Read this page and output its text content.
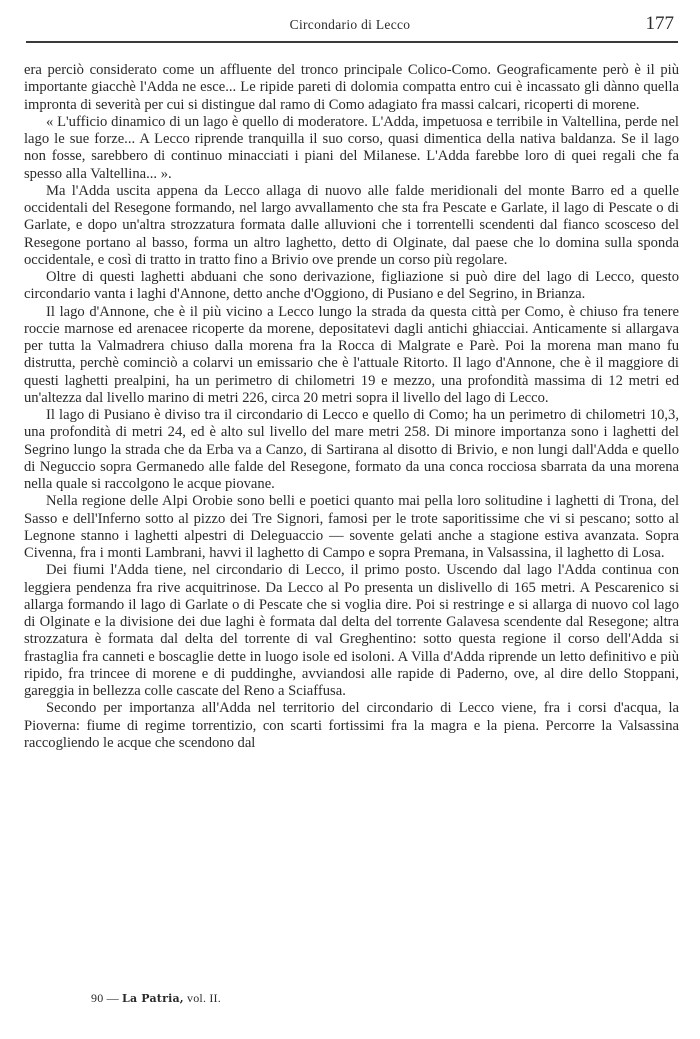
Circondario di Lecco	177

era perciò considerato come un affluente del tronco principale Colico-Como. Geograficamente però è il più importante giacchè l'Adda ne esce... Le ripide pareti di dolomia compatta entro cui è incassato gli dànno quella impronta di severità per cui si distingue dal ramo di Como adagiato fra massi calcari, ricoperti di morene.

« L'ufficio dinamico di un lago è quello di moderatore. L'Adda, impetuosa e terribile in Valtellina, perde nel lago le sue forze... A Lecco riprende tranquilla il suo corso, quasi dimentica della nativa baldanza. Se il lago non fosse, sarebbero di continuo minacciati i piani del Milanese. L'Adda farebbe loro di quei regali che fa spesso alla Valtellina... ».

Ma l'Adda uscita appena da Lecco allaga di nuovo alle falde meridionali del monte Barro ed a quelle occidentali del Resegone formando, nel largo avvallamento che sta fra Pescate e Garlate, il lago di Pescate o di Garlate, e dopo un'altra strozzatura formata dalle alluvioni che i torrentelli scendenti dal fianco scosceso del Resegone portano al basso, forma un altro laghetto, detto di Olginate, dal paese che lo domina sulla sponda occidentale, e così di tratto in tratto fino a Brivio ove prende un corso più regolare.

Oltre di questi laghetti abduani che sono derivazione, figliazione si può dire del lago di Lecco, questo circondario vanta i laghi d'Annone, detto anche d'Oggiono, di Pusiano e del Segrino, in Brianza.

Il lago d'Annone, che è il più vicino a Lecco lungo la strada da questa città per Como, è chiuso fra tenere roccie marnose ed arenacee ricoperte da morene, depositatevi dagli antichi ghiacciai. Anticamente si allargava per tutta la Valmadrera chiuso dalla morena fra la Rocca di Malgrate e Parè. Poi la morena man mano fu distrutta, perchè cominciò a colarvi un emissario che è l'attuale Ritorto. Il lago d'Annone, che è il maggiore di questi laghetti prealpini, ha un perimetro di chilometri 19 e mezzo, una profondità massima di 12 metri ed un'altezza dal livello marino di metri 226, circa 20 metri sopra il livello del lago di Lecco.

Il lago di Pusiano è diviso tra il circondario di Lecco e quello di Como; ha un perimetro di chilometri 10,3, una profondità di metri 24, ed è alto sul livello del mare metri 258. Di minore importanza sono i laghetti del Segrino lungo la strada che da Erba va a Canzo, di Sartirana al disotto di Brivio, e non lungi dall'Adda e quello di Neguccio sopra Germanedo alle falde del Resegone, formato da una conca rocciosa sbarrata da una morena nella quale si raccolgono le acque piovane.

Nella regione delle Alpi Orobie sono belli e poetici quanto mai pella loro solitudine i laghetti di Trona, del Sasso e dell'Inferno sotto al pizzo dei Tre Signori, famosi per le trote saporitissime che vi si pescano; sotto al Legnone stanno i laghetti alpestri di Deleguaccio — sovente gelati anche a stagione estiva avanzata. Sopra Civenna, fra i monti Lambrani, havvi il laghetto di Campo e sopra Premana, in Valsassina, il laghetto di Losa.

Dei fiumi l'Adda tiene, nel circondario di Lecco, il primo posto. Uscendo dal lago l'Adda continua con leggiera pendenza fra rive acquitrinose. Da Lecco al Po presenta un dislivello di 165 metri. A Pescarenico si allarga formando il lago di Garlate o di Pescate che si voglia dire. Poi si restringe e si allarga di nuovo col lago di Olginate e la divisione dei due laghi è formata dal delta del torrente Galavesa scendente dal Resegone; altra strozzatura è formata dal delta del torrente di val Greghentino: sotto questa regione il corso dell'Adda si frastaglia fra canneti e boscaglie dette in luogo isole ed isoloni. A Villa d'Adda riprende un letto definitivo e più ripido, fra trincee di morene e di puddinghe, avviandosi alle rapide di Paderno, ove, al dire dello Stoppani, gareggia in bellezza colle cascate del Reno a Sciaffusa.

Secondo per importanza all'Adda nel territorio del circondario di Lecco viene, fra i corsi d'acqua, la Pioverna: fiume di regime torrentizio, con scarti fortissimi fra la magra e la piena. Percorre la Valsassina raccogliendo le acque che scendono dal

90 — La Patria, vol. II.
